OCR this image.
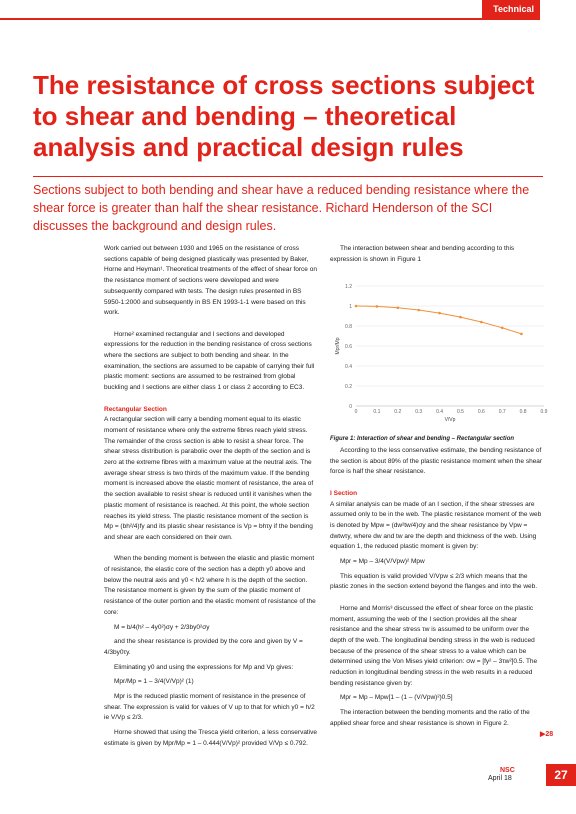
Technical
The resistance of cross sections subject to shear and bending – theoretical analysis and practical design rules

Sections subject to both bending and shear have a reduced bending resistance where the shear force is greater than half the shear resistance. Richard Henderson of the SCI discusses the background and design rules.

Work carried out between 1930 and 1965 on the resistance of cross sections capable of being designed plastically was presented by Baker, Horne and Heyman¹. Theoretical treatments of the effect of shear force on the resistance moment of sections were developed and were subsequently compared with tests. The design rules presented in BS 5950-1:2000 and subsequently in BS EN 1993-1-1 were based on this work.

Horne² examined rectangular and I sections and developed expressions for the reduction in the bending resistance of cross sections where the sections are subject to both bending and shear. In the examination, the sections are assumed to be capable of carrying their full plastic moment: sections are assumed to be restrained from global buckling and I sections are either class 1 or class 2 according to EC3.

Rectangular Section

A rectangular section will carry a bending moment equal to its elastic moment of resistance where only the extreme fibres reach yield stress. The remainder of the cross section is able to resist a shear force. The shear stress distribution is parabolic over the depth of the section and is zero at the extreme fibres with a maximum value at the neutral axis. The average shear stress is two thirds of the maximum value. If the bending moment is increased above the elastic moment of resistance, the area of the section available to resist shear is reduced until it vanishes when the plastic moment of resistance is reached. At this point, the whole section reaches its yield stress. The plastic resistance moment of the section is Mp = (bh²/4)fy and its plastic shear resistance is Vp = bhτy if the bending and shear are each considered on their own.

When the bending moment is between the elastic and plastic moment of resistance, the elastic core of the section has a depth y0 above and below the neutral axis and y0 < h/2 where h is the depth of the section. The resistance moment is given by the sum of the plastic moment of resistance of the outer portion and the elastic moment of resistance of the core:

M = b/4(h² – 4y0²)σy + 2/3by0²σy

and the shear resistance is provided by the core and given by V = 4/3by0τy.

Eliminating y0 and using the expressions for Mp and Vp gives:

Mpr/Mp = 1 – 3/4(V/Vp)² (1)

Mpr is the reduced plastic moment of resistance in the presence of shear. The expression is valid for values of V up to that for which y0 = h/2 ie V/Vp ≤ 2/3.

Horne showed that using the Tresca yield criterion, a less conservative estimate is given by Mpr/Mp = 1 – 0.444(V/Vp)² provided V/Vp ≤ 0.792.

The interaction between shear and bending according to this expression is shown in Figure 1

0
0.2
0.4
0.6
0.8
1
1.2
0	0.1	0.2	0.3	0.4	0.5	0.6	0.7	0.8	0.9
V/Vp
Mpr/Mp
Figure 1: Interaction of shear and bending – Rectangular section

According to the less conservative estimate, the bending resistance of the section is about 89% of the plastic resistance moment when the shear force is half the shear resistance.

I Section

A similar analysis can be made of an I section, if the shear stresses are assumed only to be in the web. The plastic resistance moment of the web is denoted by Mpw = (dw²tw/4)σy and the shear resistance by Vpw = dwtwτy, where dw and tw are the depth and thickness of the web. Using equation 1, the reduced plastic moment is given by:

Mpr = Mp – 3/4(V/Vpw)² Mpw

This equation is valid provided V/Vpw ≤ 2/3 which means that the plastic zones in the section extend beyond the flanges and into the web.

Horne and Morris³ discussed the effect of shear force on the plastic moment, assuming the web of the I section provides all the shear resistance and the shear stress τw is assumed to be uniform over the depth of the web. The longitudinal bending stress in the web is reduced because of the presence of the shear stress to a value which can be determined using the Von Mises yield criterion: σw = [fy² – 3τw²]0.5. The reduction in longitudinal bending stress in the web results in a reduced bending resistance given by:

Mpr = Mp – Mpw[1 – (1 – (V/Vpw)²)0.5]

The interaction between the bending moments and the ratio of the applied shear force and shear resistance is shown in Figure 2.

▶28
NSC
April 18	27
